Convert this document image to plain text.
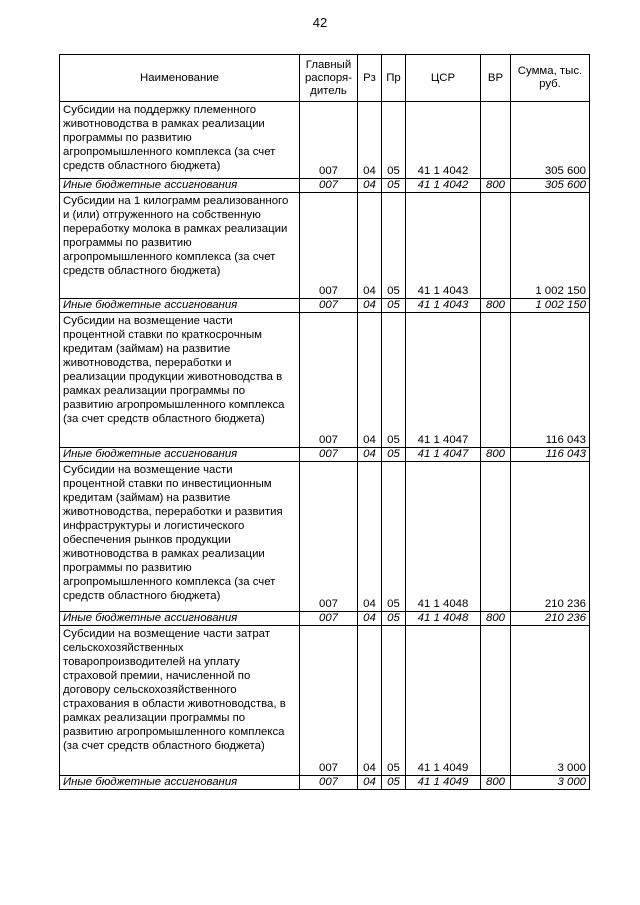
42
Наименование	Главный распоря-дитель	Рз	Пр	ЦСР	ВР	Сумма, тыс. руб.
Субсидии на поддержку племенного животноводства в рамках реализации программы по развитию агропромышленного комплекса (за счет средств областного бюджета)	007	04	05	41 1 4042		305 600
Иные бюджетные ассигнования	007	04	05	41 1 4042	800	305 600
Субсидии на 1 килограмм реализованного и (или) отгруженного на собственную переработку молока в рамках реализации программы по развитию агропромышленного комплекса (за счет средств областного бюджета)	007	04	05	41 1 4043		1 002 150
Иные бюджетные ассигнования	007	04	05	41 1 4043	800	1 002 150
Субсидии на возмещение части процентной ставки по краткосрочным кредитам (займам) на развитие животноводства, переработки и реализации продукции животноводства в рамках реализации программы по развитию агропромышленного комплекса (за счет средств областного бюджета)	007	04	05	41 1 4047		116 043
Иные бюджетные ассигнования	007	04	05	41 1 4047	800	116 043
Субсидии на возмещение части процентной ставки по инвестиционным кредитам (займам) на развитие животноводства, переработки и развития инфраструктуры и логистического обеспечения рынков продукции животноводства в рамках реализации программы по развитию агропромышленного комплекса (за счет средств областного бюджета)	007	04	05	41 1 4048		210 236
Иные бюджетные ассигнования	007	04	05	41 1 4048	800	210 236
Субсидии на возмещение части затрат сельскохозяйственных товаропроизводителей на уплату страховой премии, начисленной по договору сельскохозяйственного страхования в области животноводства, в рамках реализации программы по развитию агропромышленного комплекса (за счет средств областного бюджета)	007	04	05	41 1 4049		3 000
Иные бюджетные ассигнования	007	04	05	41 1 4049	800	3 000
